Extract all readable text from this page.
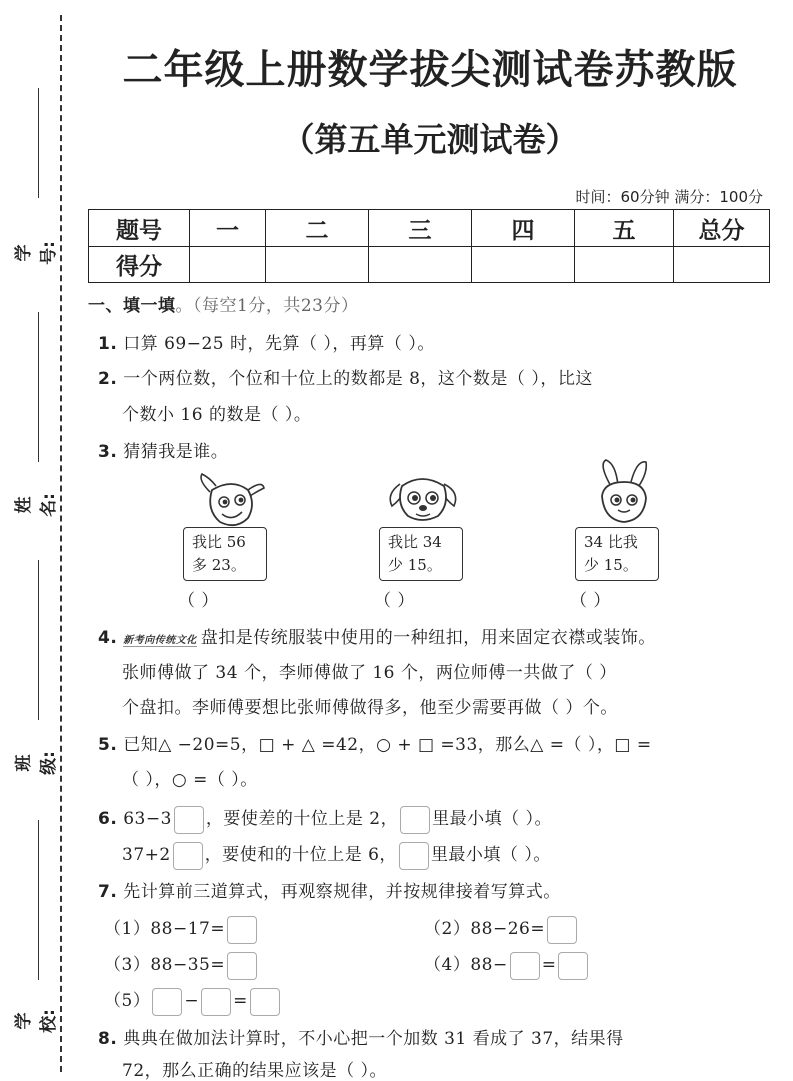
学号:
姓名:
班级:
学校:
二年级上册数学拔尖测试卷苏教版
（第五单元测试卷）
时间：60分钟 满分：100分
题号	一	二	三	四	五	总分
得分						
一、填一填。（每空1分，共23分）
1. 口算 69−25 时，先算（ ），再算（ ）。
2. 一个两位数，个位和十位上的数都是 8，这个数是（ ），比这
个数小 16 的数是（ ）。
3. 猜猜我是谁。
我比 56
多 23。
我比 34
少 15。
34 比我
少 15。
（ ）	（ ）	（ ）
4. 新考向传统文化 盘扣是传统服装中使用的一种纽扣，用来固定衣襟或装饰。
张师傅做了 34 个，李师傅做了 16 个，两位师傅一共做了（ ）
个盘扣。李师傅要想比张师傅做得多，他至少需要再做（ ）个。
5. 已知△ −20=5，□ + △ =42，○ + □ =33，那么△ =（ ），□ =
（ ），○ =（ ）。
6. 63−3 ，要使差的十位上是 2， 里最小填（ ）。
37+2 ，要使和的十位上是 6， 里最小填（ ）。
7. 先计算前三道算式，再观察规律，并按规律接着写算式。
（1）88−17=	（2）88−26=
（3）88−35=	（4）88− =
（5） − =
8. 典典在做加法计算时，不小心把一个加数 31 看成了 37，结果得
72，那么正确的结果应该是（ ）。
